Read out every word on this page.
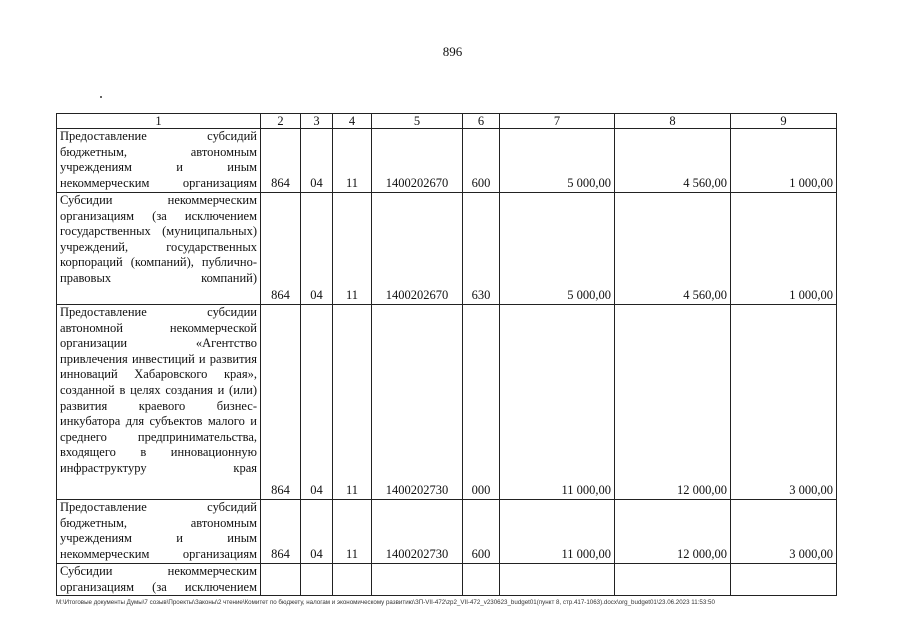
896
1	2	3	4	5	6	7	8	9
Предоставление субсидий бюджетным, автономным учреждениям и иным некоммерческим организациям	864	04	11	1400202670	600	5 000,00	4 560,00	1 000,00
Субсидии некоммерческим организациям (за исключением государственных (муниципальных) учреждений, государственных корпораций (компаний), публично-правовых компаний)	864	04	11	1400202670	630	5 000,00	4 560,00	1 000,00
Предоставление субсидии автономной некоммерческой организации «Агентство привлечения инвестиций и развития инноваций Хабаровского края», созданной в целях создания и (или) развития краевого бизнес-инкубатора для субъектов малого и среднего предпринимательства, входящего в инновационную инфраструктуру края	864	04	11	1400202730	000	11 000,00	12 000,00	3 000,00
Предоставление субсидий бюджетным, автономным учреждениям и иным некоммерческим организациям	864	04	11	1400202730	600	11 000,00	12 000,00	3 000,00
Субсидии некоммерческим организациям (за исключением								
M:\Итоговые документы Думы\7 созыв\Проекты\Законы\2 чтение\Комитет по бюджету, налогам и экономическому развитию\ЗП-VII-472\zp2_VII-472_v230623_budget01(пункт 8, стр.417-1063).docx\org_budget01\23.06.2023 11:53:50
